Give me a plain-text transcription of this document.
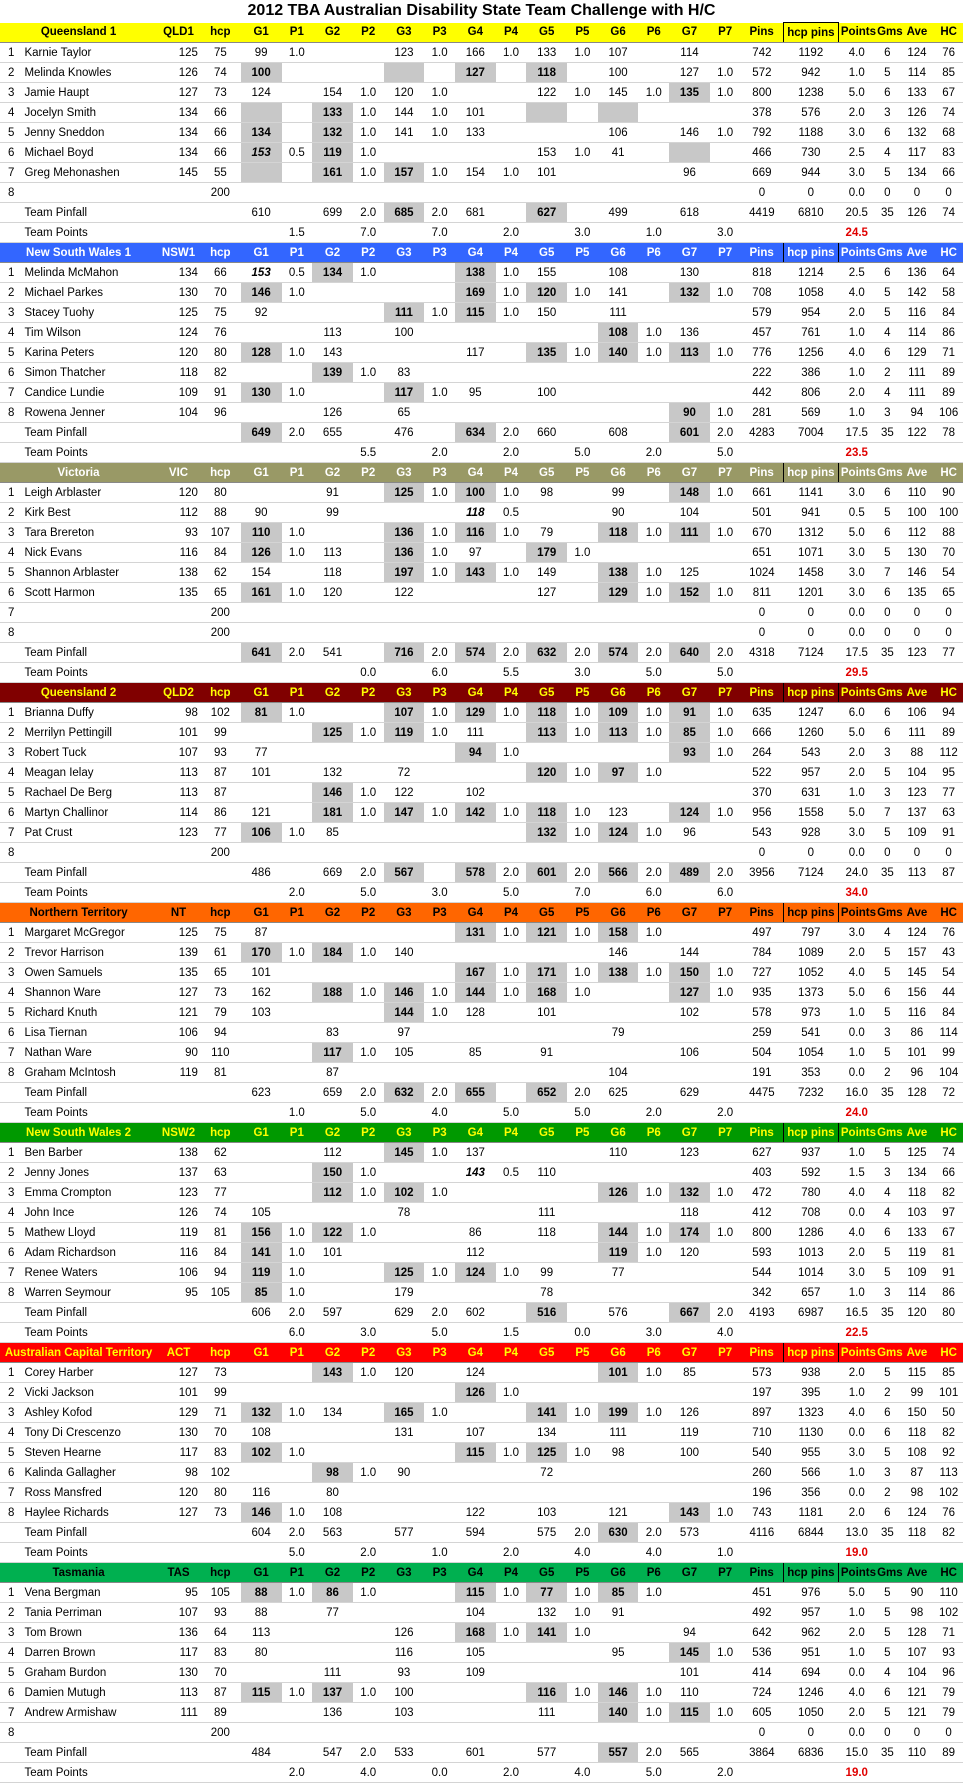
2012 TBA Australian Disability State Team Challenge with H/C
Queensland 1		QLD1	hcp	G1	P1	G2	P2	G3	P3	G4	P4	G5	P5	G6	P6	G7	P7	Pins	hcp pins	Points	Gms	Ave	HC
1	Karnie Taylor	125	75	99	1.0			123	1.0	166	1.0	133	1.0	107		114		742	1192	4.0	6	124	76
2	Melinda Knowles	126	74	100						127		118		100		127	1.0	572	942	1.0	5	114	85
3	Jamie Haupt	127	73	124		154	1.0	120	1.0			122	1.0	145	1.0	135	1.0	800	1238	5.0	6	133	67
4	Jocelyn Smith	134	66			133	1.0	144	1.0	101								378	576	2.0	3	126	74
5	Jenny Sneddon	134	66	134		132	1.0	141	1.0	133				106		146	1.0	792	1188	3.0	6	132	68
6	Michael Boyd	134	66	153	0.5	119	1.0					153	1.0	41				466	730	2.5	4	117	83
7	Greg Mehonashen	145	55			161	1.0	157	1.0	154	1.0	101				96		669	944	3.0	5	134	66
8			200															0	0	0.0	0	0	0
	Team Pinfall			610		699	2.0	685	2.0	681		627		499		618		4419	6810	20.5	35	126	74
	Team Points				1.5		7.0		7.0		2.0		3.0		1.0		3.0			24.5			
New South Wales 1		NSW1	hcp	G1	P1	G2	P2	G3	P3	G4	P4	G5	P5	G6	P6	G7	P7	Pins	hcp pins	Points	Gms	Ave	HC
1	Melinda McMahon	134	66	153	0.5	134	1.0			138	1.0	155		108		130		818	1214	2.5	6	136	64
2	Michael Parkes	130	70	146	1.0					169	1.0	120	1.0	141		132	1.0	708	1058	4.0	5	142	58
3	Stacey Tuohy	125	75	92				111	1.0	115	1.0	150		111				579	954	2.0	5	116	84
4	Tim Wilson	124	76			113		100						108	1.0	136		457	761	1.0	4	114	86
5	Karina Peters	120	80	128	1.0	143				117		135	1.0	140	1.0	113	1.0	776	1256	4.0	6	129	71
6	Simon Thatcher	118	82			139	1.0	83										222	386	1.0	2	111	89
7	Candice Lundie	109	91	130	1.0			117	1.0	95		100						442	806	2.0	4	111	89
8	Rowena Jenner	104	96			126		65								90	1.0	281	569	1.0	3	94	106
	Team Pinfall			649	2.0	655		476		634	2.0	660		608		601	2.0	4283	7004	17.5	35	122	78
	Team Points						5.5		2.0		2.0		5.0		2.0		5.0			23.5			
Victoria		VIC	hcp	G1	P1	G2	P2	G3	P3	G4	P4	G5	P5	G6	P6	G7	P7	Pins	hcp pins	Points	Gms	Ave	HC
1	Leigh Arblaster	120	80			91		125	1.0	100	1.0	98		99		148	1.0	661	1141	3.0	6	110	90
2	Kirk Best	112	88	90		99				118	0.5			90		104		501	941	0.5	5	100	100
3	Tara Brereton	93	107	110	1.0			136	1.0	116	1.0	79		118	1.0	111	1.0	670	1312	5.0	6	112	88
4	Nick Evans	116	84	126	1.0	113		136	1.0	97		179	1.0					651	1071	3.0	5	130	70
5	Shannon Arblaster	138	62	154		118		197	1.0	143	1.0	149		138	1.0	125		1024	1458	3.0	7	146	54
6	Scott Harmon	135	65	161	1.0	120		122				127		129	1.0	152	1.0	811	1201	3.0	6	135	65
7			200															0	0	0.0	0	0	0
8			200															0	0	0.0	0	0	0
	Team Pinfall			641	2.0	541		716	2.0	574	2.0	632	2.0	574	2.0	640	2.0	4318	7124	17.5	35	123	77
	Team Points						0.0		6.0		5.5		3.0		5.0		5.0			29.5			
Queensland 2		QLD2	hcp	G1	P1	G2	P2	G3	P3	G4	P4	G5	P5	G6	P6	G7	P7	Pins	hcp pins	Points	Gms	Ave	HC
1	Brianna Duffy	98	102	81	1.0			107	1.0	129	1.0	118	1.0	109	1.0	91	1.0	635	1247	6.0	6	106	94
2	Merrilyn Pettingill	101	99			125	1.0	119	1.0	111		113	1.0	113	1.0	85	1.0	666	1260	5.0	6	111	89
3	Robert Tuck	107	93	77						94	1.0					93	1.0	264	543	2.0	3	88	112
4	Meagan Ielay	113	87	101		132		72				120	1.0	97	1.0			522	957	2.0	5	104	95
5	Rachael De Berg	113	87			146	1.0	122		102								370	631	1.0	3	123	77
6	Martyn Challinor	114	86	121		181	1.0	147	1.0	142	1.0	118	1.0	123		124	1.0	956	1558	5.0	7	137	63
7	Pat Crust	123	77	106	1.0	85						132	1.0	124	1.0	96		543	928	3.0	5	109	91
8			200															0	0	0.0	0	0	0
	Team Pinfall			486		669	2.0	567		578	2.0	601	2.0	566	2.0	489	2.0	3956	7124	24.0	35	113	87
	Team Points				2.0		5.0		3.0		5.0		7.0		6.0		6.0			34.0			
Northern Territory		NT	hcp	G1	P1	G2	P2	G3	P3	G4	P4	G5	P5	G6	P6	G7	P7	Pins	hcp pins	Points	Gms	Ave	HC
1	Margaret McGregor	125	75	87						131	1.0	121	1.0	158	1.0			497	797	3.0	4	124	76
2	Trevor Harrison	139	61	170	1.0	184	1.0	140						146		144		784	1089	2.0	5	157	43
3	Owen Samuels	135	65	101						167	1.0	171	1.0	138	1.0	150	1.0	727	1052	4.0	5	145	54
4	Shannon Ware	127	73	162		188	1.0	146	1.0	144	1.0	168	1.0			127	1.0	935	1373	5.0	6	156	44
5	Richard Knuth	121	79	103				144	1.0	128		101				102		578	973	1.0	5	116	84
6	Lisa Tiernan	106	94			83		97						79				259	541	0.0	3	86	114
7	Nathan Ware	90	110			117	1.0	105		85		91				106		504	1054	1.0	5	101	99
8	Graham McIntosh	119	81			87								104				191	353	0.0	2	96	104
	Team Pinfall			623		659	2.0	632	2.0	655		652	2.0	625		629		4475	7232	16.0	35	128	72
	Team Points				1.0		5.0		4.0		5.0		5.0		2.0		2.0			24.0			
New South Wales 2		NSW2	hcp	G1	P1	G2	P2	G3	P3	G4	P4	G5	P5	G6	P6	G7	P7	Pins	hcp pins	Points	Gms	Ave	HC
1	Ben Barber	138	62			112		145	1.0	137				110		123		627	937	1.0	5	125	74
2	Jenny Jones	137	63			150	1.0			143	0.5	110						403	592	1.5	3	134	66
3	Emma Crompton	123	77			112	1.0	102	1.0					126	1.0	132	1.0	472	780	4.0	4	118	82
4	John Ince	126	74	105				78				111				118		412	708	0.0	4	103	97
5	Mathew Lloyd	119	81	156	1.0	122	1.0			86		118		144	1.0	174	1.0	800	1286	4.0	6	133	67
6	Adam Richardson	116	84	141	1.0	101				112				119	1.0	120		593	1013	2.0	5	119	81
7	Renee Waters	106	94	119	1.0			125	1.0	124	1.0	99		77				544	1014	3.0	5	109	91
8	Warren Seymour	95	105	85	1.0			179				78						342	657	1.0	3	114	86
	Team Pinfall			606	2.0	597		629	2.0	602		516		576		667	2.0	4193	6987	16.5	35	120	80
	Team Points				6.0		3.0		5.0		1.5		0.0		3.0		4.0			22.5			
Australian Capital Territory		ACT	hcp	G1	P1	G2	P2	G3	P3	G4	P4	G5	P5	G6	P6	G7	P7	Pins	hcp pins	Points	Gms	Ave	HC
1	Corey Harber	127	73			143	1.0	120		124				101	1.0	85		573	938	2.0	5	115	85
2	Vicki Jackson	101	99							126	1.0							197	395	1.0	2	99	101
3	Ashley Kofod	129	71	132	1.0	134		165	1.0			141	1.0	199	1.0	126		897	1323	4.0	6	150	50
4	Tony Di Crescenzo	130	70	108				131		107		134		111		119		710	1130	0.0	6	118	82
5	Steven Hearne	117	83	102	1.0					115	1.0	125	1.0	98		100		540	955	3.0	5	108	92
6	Kalinda Gallagher	98	102			98	1.0	90				72						260	566	1.0	3	87	113
7	Ross Mansfred	120	80	116		80												196	356	0.0	2	98	102
8	Haylee Richards	127	73	146	1.0	108				122		103		121		143	1.0	743	1181	2.0	6	124	76
	Team Pinfall			604	2.0	563		577		594		575	2.0	630	2.0	573		4116	6844	13.0	35	118	82
	Team Points				5.0		2.0		1.0		2.0		4.0		4.0		1.0			19.0			
Tasmania		TAS	hcp	G1	P1	G2	P2	G3	P3	G4	P4	G5	P5	G6	P6	G7	P7	Pins	hcp pins	Points	Gms	Ave	HC
1	Vena Bergman	95	105	88	1.0	86	1.0			115	1.0	77	1.0	85	1.0			451	976	5.0	5	90	110
2	Tania Perriman	107	93	88		77				104		132	1.0	91				492	957	1.0	5	98	102
3	Tom Brown	136	64	113				126		168	1.0	141	1.0			94		642	962	2.0	5	128	71
4	Darren Brown	117	83	80				116		105				95		145	1.0	536	951	1.0	5	107	93
5	Graham Burdon	130	70			111		93		109						101		414	694	0.0	4	104	96
6	Damien Mutugh	113	87	115	1.0	137	1.0	100				116	1.0	146	1.0	110		724	1246	4.0	6	121	79
7	Andrew Armishaw	111	89			136		103				111		140	1.0	115	1.0	605	1050	2.0	5	121	79
8			200															0	0	0.0	0	0	0
	Team Pinfall			484		547	2.0	533		601		577		557	2.0	565		3864	6836	15.0	35	110	89
	Team Points				2.0		4.0		0.0		2.0		4.0		5.0		2.0			19.0			
